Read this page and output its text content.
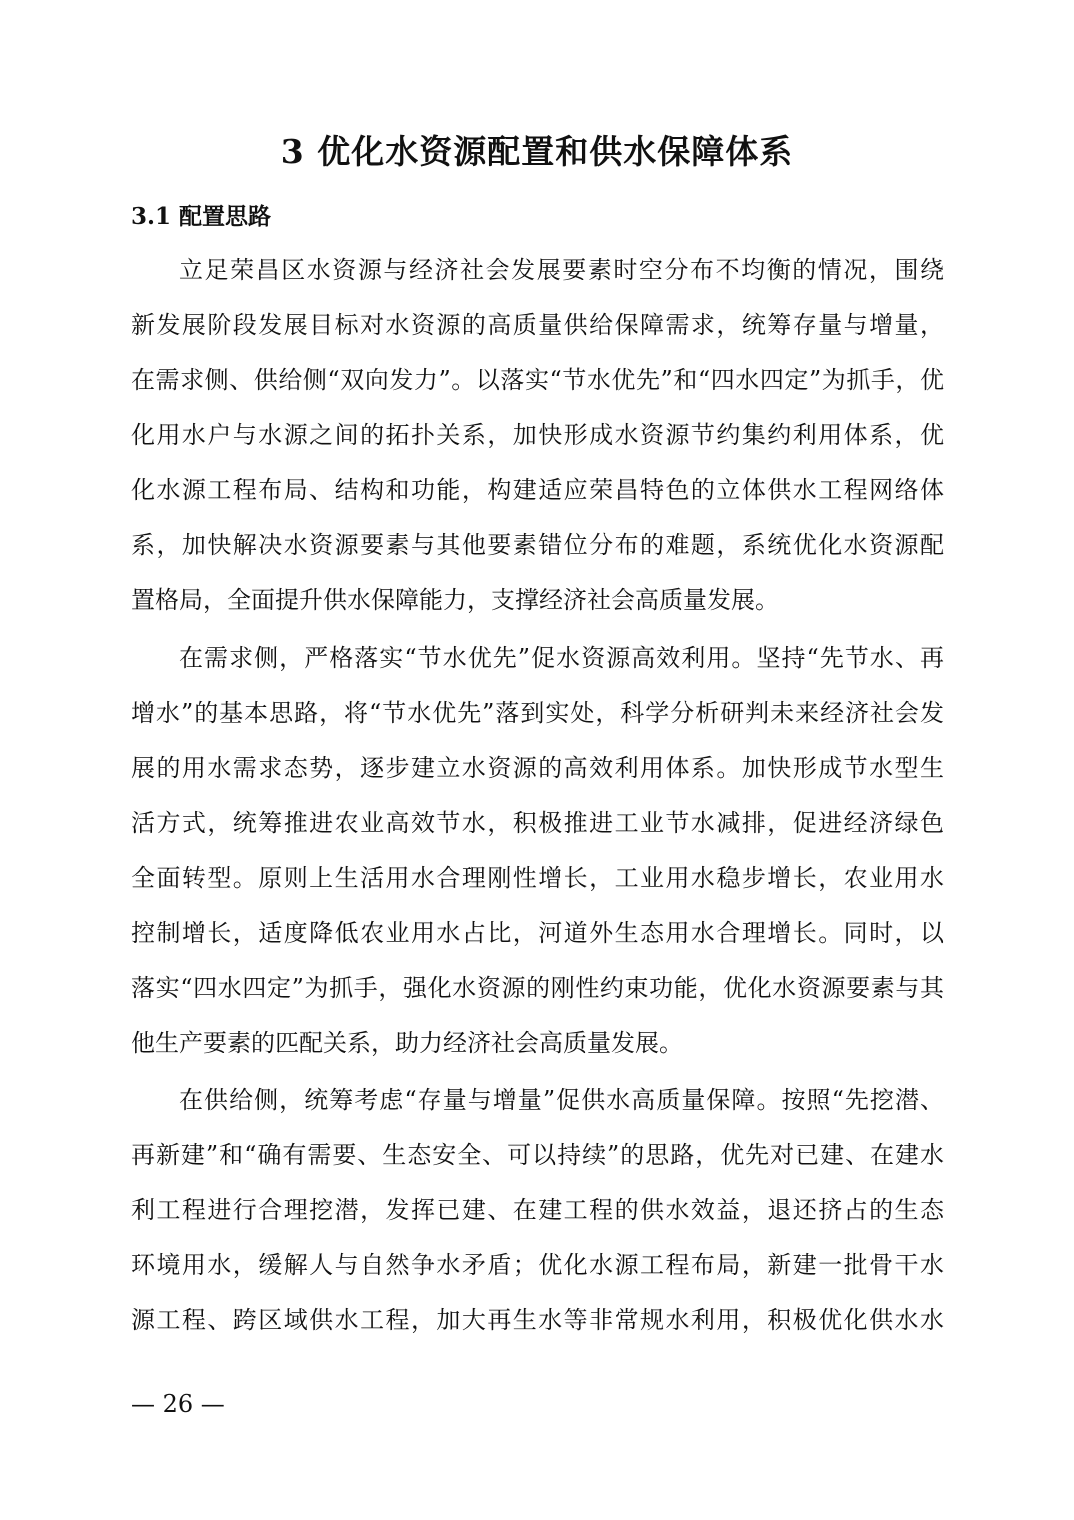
3 优化水资源配置和供水保障体系
3.1 配置思路
立足荣昌区水资源与经济社会发展要素时空分布不均衡的情况，围绕
新发展阶段发展目标对水资源的高质量供给保障需求，统筹存量与增量，
在需求侧、供给侧“双向发力”。以落实“节水优先”和“四水四定”为抓手，优
化用水户与水源之间的拓扑关系，加快形成水资源节约集约利用体系，优
化水源工程布局、结构和功能，构建适应荣昌特色的立体供水工程网络体
系，加快解决水资源要素与其他要素错位分布的难题，系统优化水资源配
置格局，全面提升供水保障能力，支撑经济社会高质量发展。
在需求侧，严格落实“节水优先”促水资源高效利用。坚持“先节水、再
增水”的基本思路，将“节水优先”落到实处，科学分析研判未来经济社会发
展的用水需求态势，逐步建立水资源的高效利用体系。加快形成节水型生
活方式，统筹推进农业高效节水，积极推进工业节水减排，促进经济绿色
全面转型。原则上生活用水合理刚性增长，工业用水稳步增长，农业用水
控制增长，适度降低农业用水占比，河道外生态用水合理增长。同时，以
落实“四水四定”为抓手，强化水资源的刚性约束功能，优化水资源要素与其
他生产要素的匹配关系，助力经济社会高质量发展。
在供给侧，统筹考虑“存量与增量”促供水高质量保障。按照“先挖潜、
再新建”和“确有需要、生态安全、可以持续”的思路，优先对已建、在建水
利工程进行合理挖潜，发挥已建、在建工程的供水效益，退还挤占的生态
环境用水，缓解人与自然争水矛盾；优化水源工程布局，新建一批骨干水
源工程、跨区域供水工程，加大再生水等非常规水利用，积极优化供水水
— 26 —
